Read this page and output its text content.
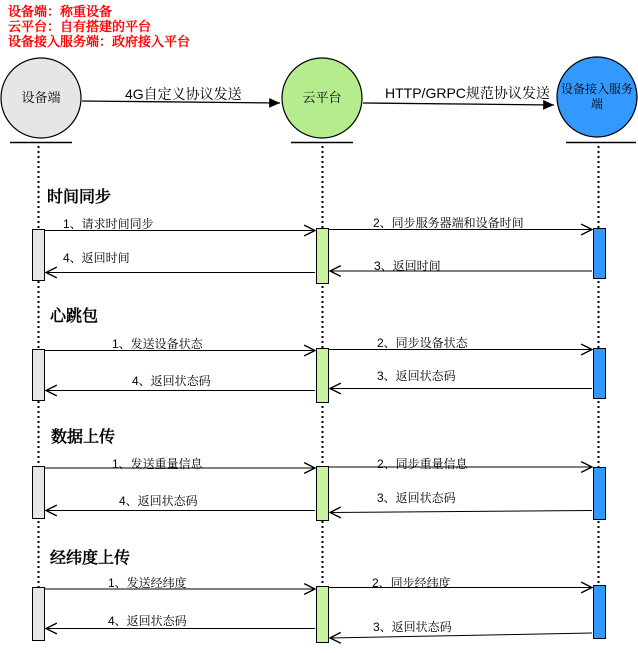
设备端：称重设备
云平台：自有搭建的平台
设备接入服务端：政府接入平台
设备端	云平台
设备接入服务端
4G自定义协议发送	HTTP/GRPC规范协议发送
时间同步
心跳包
数据上传
经纬度上传
1、请求时间同步	2、同步服务器端和设备时间
3、返回时间
4、返回时间
1、发送设备状态	2、同步设备状态
3、返回状态码
4、返回状态码
1、发送重量信息	2、同步重量信息
3、返回状态码
4、返回状态码
1、发送经纬度	2、同步经纬度
3、返回状态码
4、返回状态码
